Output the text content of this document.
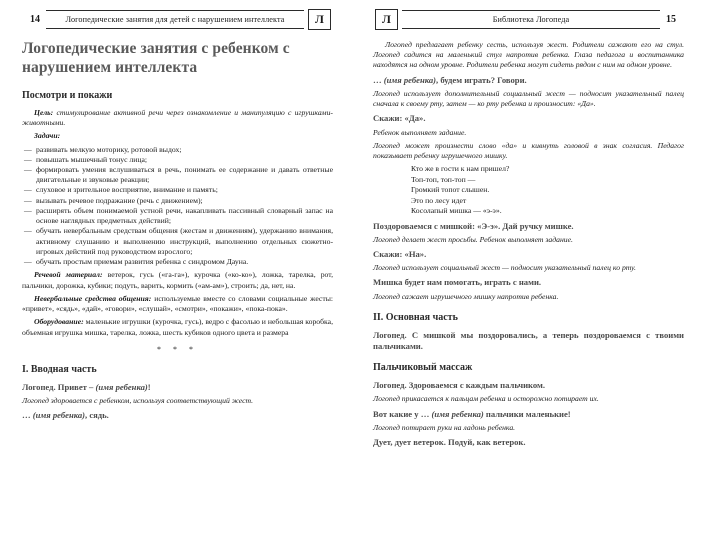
14	Логопедические занятия для детей с нарушением интеллекта	Л
Логопедические занятия с ребенком с нарушением интеллекта
Посмотри и покажи

Цель: стимулирование активной речи через ознакомление и манипуляцию с игрушками-животными.

Задачи:

— развивать мелкую моторику, ротовой выдох;
— повышать мышечный тонус лица;
— формировать умения вслушиваться в речь, понимать ее содержание и давать ответные двигательные и звуковые реакции;
— слуховое и зрительное восприятие, внимание и память;
— вызывать речевое подражание (речь с движением);
— расширять объем понимаемой устной речи, накапливать пассивный словарный запас на основе наглядных предметных действий;
— обучать невербальным средствам общения (жестам и движениям), удержанию внимания, активному слушанию и выполнению инструкций, выполнению отдельных сюжетно-игровых действий под руководством взрослого;
— обучать простым приемам развития ребенка с синдромом Дауна.

Речевой материал: ветерок, гусь («га-га»), курочка («ко-ко»), ложка, тарелка, рот, пальчики, дорожка, кубики; подуть, варить, кормить («ам-ам»), строить; да, нет, на.

Невербальные средства общения: используемые вместе со словами социальные жесты: «привет», «сядь», «дай», «говори», «слушай», «смотри», «покажи», «пока-пока».

Оборудование: маленькие игрушки (курочка, гусь), ведро с фасолью и небольшая коробка, объемная игрушка мишка, тарелка, ложка, шесть кубиков одного цвета и размера

* * *
I. Вводная часть

Логопед. Привет – (имя ребенка)!

Логопед здоровается с ребенком, используя соответствующий жест.

… (имя ребенка), сядь.

Л	Библиотека Логопеда	15

Логопед предлагает ребенку сесть, используя жест. Родители сажают его на стул. Логопед садится на маленький стул напротив ребенка. Глаза педагога и воспитанника находятся на одном уровне. Родители ребенка могут сидеть рядом с ним на одном уровне.

… (имя ребенка), будем играть? Говори.

Логопед использует дополнительный социальный жест — подносит указательный палец сначала к своему рту, затем — ко рту ребенка и произносит: «Да».

Скажи: «Да».

Ребенок выполняет задание.

Логопед может произнести слово «да» и кивнуть головой в знак согласия. Педагог показывает ребенку игрушечного мишку.

Кто же в гости к нам пришел?
Топ-топ, топ-топ —
Громкий топот слышен.
Это по лесу идет
Косолапый мишка — «э-э».

Поздороваемся с мишкой: «Э-э». Дай ручку мишке.

Логопед делает жест просьбы. Ребенок выполняет задание.

Скажи: «На».

Логопед использует социальный жест — подносит указательный палец ко рту.

Мишка будет нам помогать, играть с нами.

Логопед сажает игрушечного мишку напротив ребенка.

II. Основная часть

Логопед. С мишкой мы поздоровались, а теперь поздороваемся с твоими пальчиками.

Пальчиковый массаж

Логопед. Здороваемся с каждым пальчиком.

Логопед прикасается к пальцам ребенка и осторожно потирает их.

Вот какие у … (имя ребенка) пальчики маленькие!

Логопед потирает руки на ладонь ребенка.

Дует, дует ветерок. Подуй, как ветерок.
